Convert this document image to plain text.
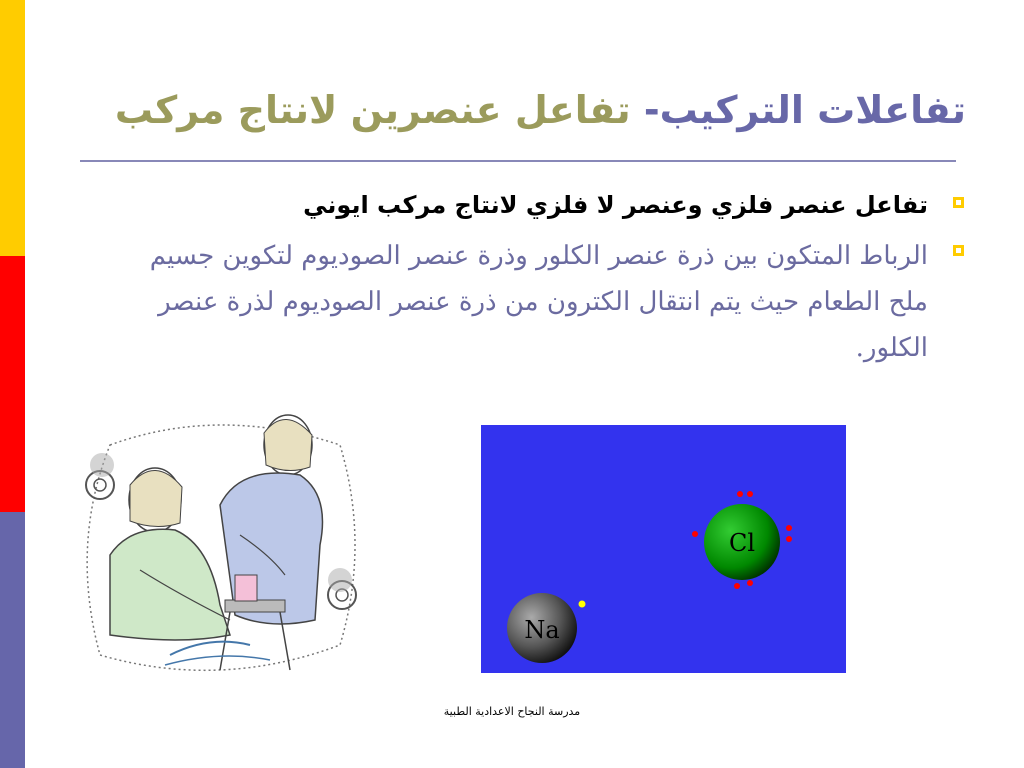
تفاعلات التركيب- تفاعل عنصرين لانتاج مركب
تفاعل عنصر فلزي وعنصر لا فلزي لانتاج مركب ايوني
الرباط المتكون بين ذرة عنصر الكلور وذرة عنصر الصوديوم لتكوين جسيم ملح الطعام حيث يتم انتقال الكترون من ذرة عنصر الصوديوم لذرة عنصر الكلور.
Cl
Na
مدرسة النجاح الاعدادية الطبية
